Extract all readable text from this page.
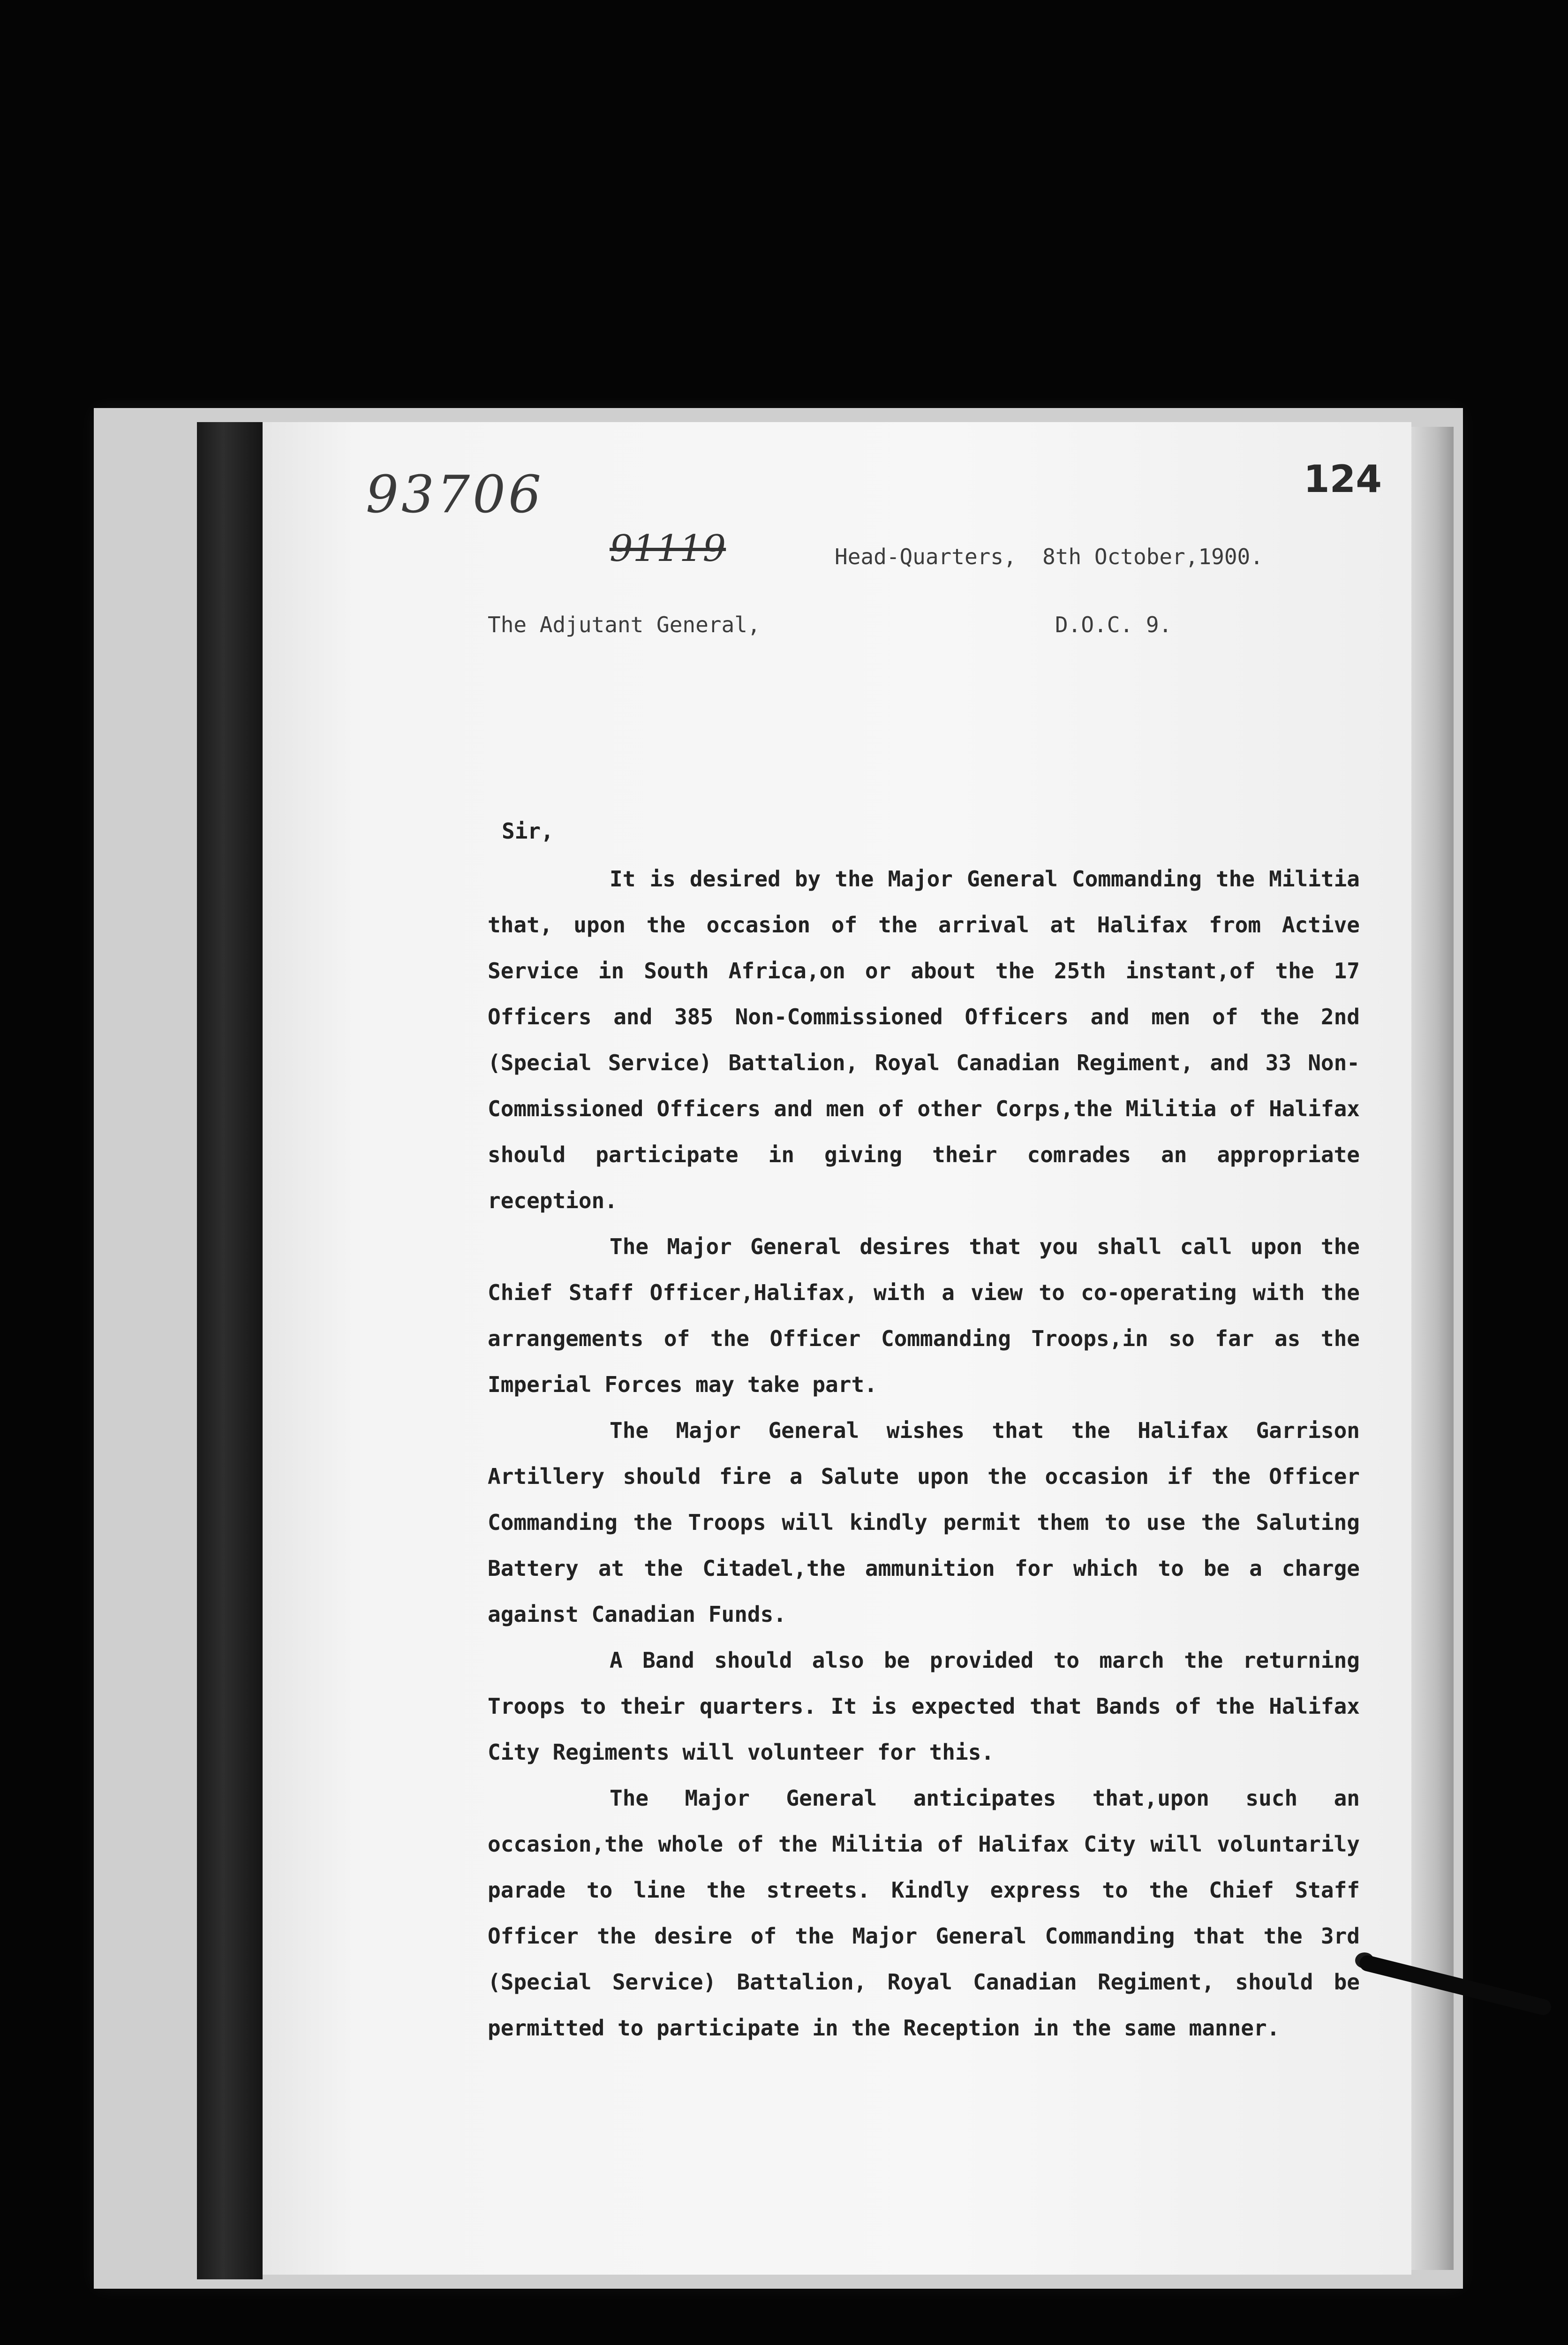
93706
91119
124
Head-Quarters,  8th October,1900.
The Adjutant General,	D.O.C. 9.
Sir,

It is desired by the Major General Commanding the Militia that, upon the occasion of the arrival at Halifax from Active Service in South Africa,on or about the 25th instant,of the 17 Officers and 385 Non-Commissioned Officers and men of the 2nd (Special Service) Battalion, Royal Canadian Regiment, and 33 Non-Commissioned Officers and men of other Corps,the Militia of Halifax should participate in giving their comrades an appropriate reception.

The Major General desires that you shall call upon the Chief Staff Officer,Halifax, with a view to co-operating with the arrangements of the Officer Commanding Troops,in so far as the Imperial Forces may take part.

The Major General wishes that the Halifax Garrison Artillery should fire a Salute upon the occasion if the Officer Commanding the Troops will kindly permit them to use the Saluting Battery at the Citadel,the ammunition for which to be a charge against Canadian Funds.

A Band should also be provided to march the returning Troops to their quarters. It is expected that Bands of the Halifax City Regiments will volunteer for this.

The Major General anticipates that,upon such an occasion,the whole of the Militia of Halifax City will voluntarily parade to line the streets. Kindly express to the Chief Staff Officer the desire of the Major General Commanding that the 3rd (Special Service) Battalion, Royal Canadian Regiment, should be permitted to participate in the Reception in the same manner.
